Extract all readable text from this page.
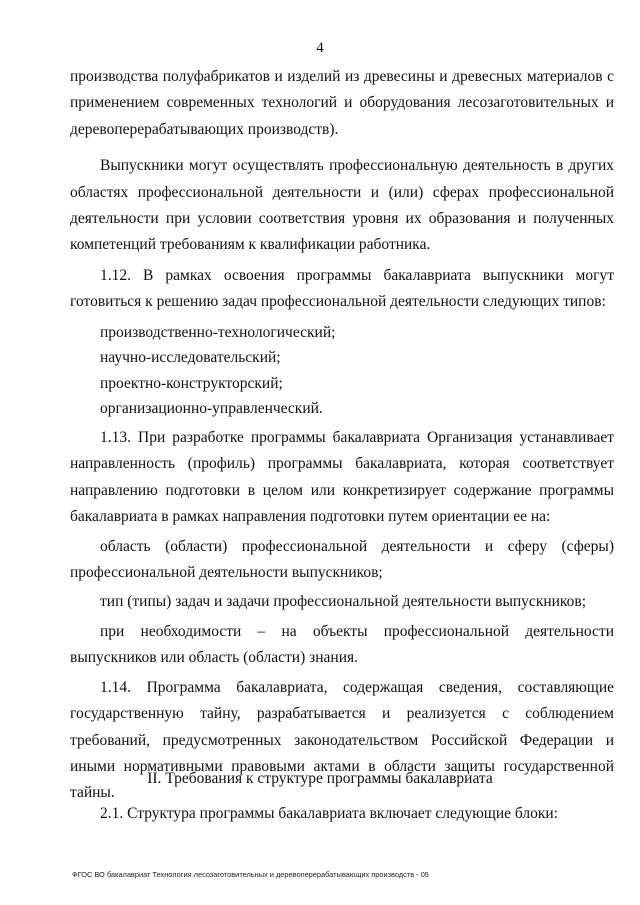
4

производства полуфабрикатов и изделий из древесины и древесных материалов с применением современных технологий и оборудования лесозаготовительных и деревоперерабатывающих производств).

Выпускники могут осуществлять профессиональную деятельность в других областях профессиональной деятельности и (или) сферах профессиональной деятельности при условии соответствия уровня их образования и полученных компетенций требованиям к квалификации работника.

1.12. В рамках освоения программы бакалавриата выпускники могут готовиться к решению задач профессиональной деятельности следующих типов:

производственно-технологический;

научно-исследовательский;

проектно-конструкторский;

организационно-управленческий.

1.13. При разработке программы бакалавриата Организация устанавливает направленность (профиль) программы бакалавриата, которая соответствует направлению подготовки в целом или конкретизирует содержание программы бакалавриата в рамках направления подготовки путем ориентации ее на:

область (области) профессиональной деятельности и сферу (сферы) профессиональной деятельности выпускников;

тип (типы) задач и задачи профессиональной деятельности выпускников;

при необходимости – на объекты профессиональной деятельности выпускников или область (области) знания.

1.14. Программа бакалавриата, содержащая сведения, составляющие государственную тайну, разрабатывается и реализуется с соблюдением требований, предусмотренных законодательством Российской Федерации и иными нормативными правовыми актами в области защиты государственной тайны.

II. Требования к структуре программы бакалавриата
2.1. Структура программы бакалавриата включает следующие блоки:
ФГОС ВО бакалавриат Технология лесозаготовительных и деревоперерабатывающих производств - 05
